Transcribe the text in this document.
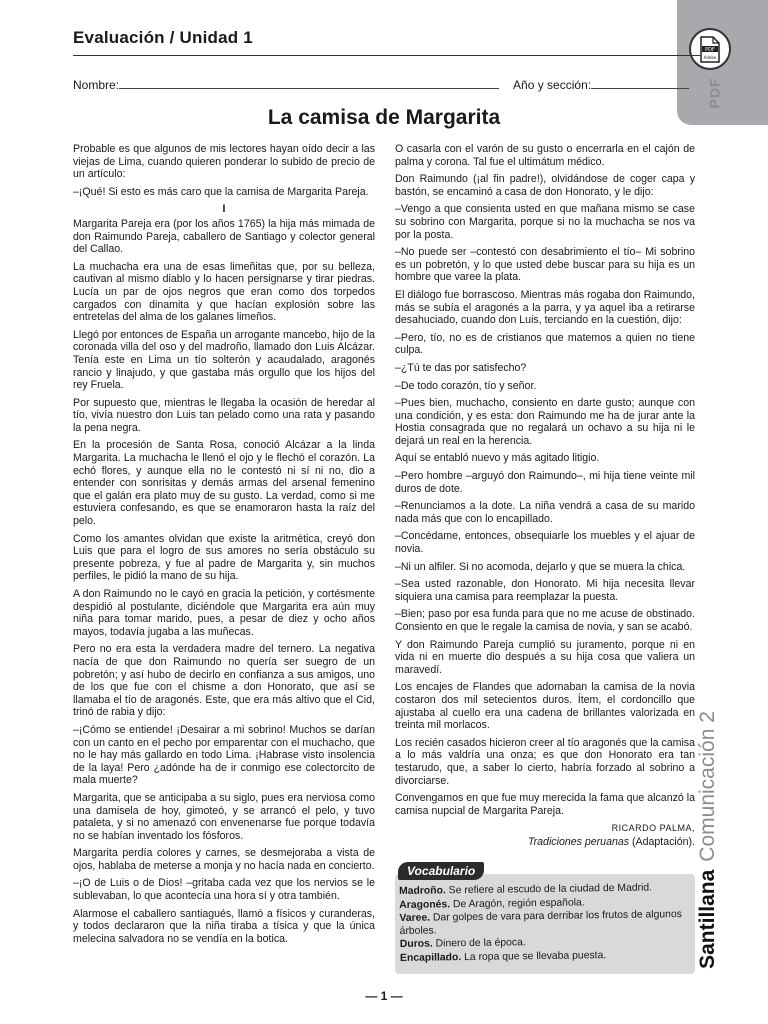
PDF
Adobe
PDF
Evaluación / Unidad 1
Nombre:	Año y sección:
La camisa de Margarita

Probable es que algunos de mis lectores hayan oído decir a las viejas de Lima, cuando quieren ponderar lo subido de precio de un artículo:

–¡Qué! Si esto es más caro que la camisa de Margarita Pareja.

I

Margarita Pareja era (por los años 1765) la hija más mimada de don Raimundo Pareja, caballero de Santiago y colector general del Callao.

La muchacha era una de esas limeñitas que, por su belleza, cautivan al mismo diablo y lo hacen persignarse y tirar piedras. Lucía un par de ojos negros que eran como dos torpedos cargados con dinamita y que hacían explosión sobre las entretelas del alma de los galanes limeños.

Llegó por entonces de España un arrogante mancebo, hijo de la coronada villa del oso y del madroño, llamado don Luis Alcázar. Tenía este en Lima un tío solterón y acaudalado, aragonés rancio y linajudo, y que gastaba más orgullo que los hijos del rey Fruela.

Por supuesto que, mientras le llegaba la ocasión de heredar al tío, vivía nuestro don Luis tan pelado como una rata y pasando la pena negra.

En la procesión de Santa Rosa, conoció Alcázar a la linda Margarita. La muchacha le llenó el ojo y le flechó el corazón. La echó flores, y aunque ella no le contestó ni sí ni no, dio a entender con sonrisitas y demás armas del arsenal femenino que el galán era plato muy de su gusto. La verdad, como si me estuviera confesando, es que se enamoraron hasta la raíz del pelo.

Como los amantes olvidan que existe la aritmética, creyó don Luis que para el logro de sus amores no sería obstáculo su presente pobreza, y fue al padre de Margarita y, sin muchos perfiles, le pidió la mano de su hija.

A don Raimundo no le cayó en gracia la petición, y cortésmente despidió al postulante, diciéndole que Margarita era aún muy niña para tomar marido, pues, a pesar de diez y ocho años mayos, todavía jugaba a las muñecas.

Pero no era esta la verdadera madre del ternero. La negativa nacía de que don Raimundo no quería ser suegro de un pobretón; y así hubo de decirlo en confianza a sus amigos, uno de los que fue con el chisme a don Honorato, que así se llamaba el tío de aragonés. Este, que era más altivo que el Cid, trinó de rabia y dijo:

–¡Cómo se entiende! ¡Desairar a mi sobrino! Muchos se darían con un canto en el pecho por emparentar con el muchacho, que no le hay más gallardo en todo Lima. ¡Habrase visto insolencia de la laya! Pero ¿adónde ha de ir conmigo ese colectorcito de mala muerte?

Margarita, que se anticipaba a su siglo, pues era nerviosa como una damisela de hoy, gimoteó, y se arrancó el pelo, y tuvo pataleta, y si no amenazó con envenenarse fue porque todavía no se habían inventado los fósforos.

Margarita perdía colores y carnes, se desmejoraba a vista de ojos, hablaba de meterse a monja y no hacía nada en concierto.

–¡O de Luis o de Dios! –gritaba cada vez que los nervios se le sublevaban, lo que acontecía una hora sí y otra también.

Alarmose el caballero santiagués, llamó a físicos y curanderas, y todos declararon que la niña tiraba a tísica y que la única melecina salvadora no se vendía en la botica.

O casarla con el varón de su gusto o encerrarla en el cajón de palma y corona. Tal fue el ultimátum médico.

Don Raimundo (¡al fin padre!), olvidándose de coger capa y bastón, se encaminó a casa de don Honorato, y le dijo:

–Vengo a que consienta usted en que mañana mismo se case su sobrino con Margarita, porque si no la muchacha se nos va por la posta.

–No puede ser –contestó con desabrimiento el tío– Mi sobrino es un pobretón, y lo que usted debe buscar para su hija es un hombre que varee la plata.

El diálogo fue borrascoso. Mientras más rogaba don Raimundo, más se subía el aragonés a la parra, y ya aquel iba a retirarse desahuciado, cuando don Luis, terciando en la cuestión, dijo:

–Pero, tío, no es de cristianos que matemos a quien no tiene culpa.

–¿Tú te das por satisfecho?

–De todo corazón, tío y señor.

–Pues bien, muchacho, consiento en darte gusto; aunque con una condición, y es esta: don Raimundo me ha de jurar ante la Hostia consagrada que no regalará un ochavo a su hija ni le dejará un real en la herencia.

Aquí se entabló nuevo y más agitado litigio.

–Pero hombre –arguyó don Raimundo–, mi hija tiene veinte mil duros de dote.

–Renunciamos a la dote. La niña vendrá a casa de su marido nada más que con lo encapillado.

–Concédame, entonces, obsequiarle los muebles y el ajuar de novia.

–Ni un alfiler. Si no acomoda, dejarlo y que se muera la chica.

–Sea usted razonable, don Honorato. Mi hija necesita llevar siquiera una camisa para reemplazar la puesta.

–Bien; paso por esa funda para que no me acuse de obstinado. Consiento en que le regale la camisa de novia, y san se acabó.

Y don Raimundo Pareja cumplió su juramento, porque ni en vida ni en muerte dio después a su hija cosa que valiera un maravedí.

Los encajes de Flandes que adornaban la camisa de la novia costaron dos mil setecientos duros. Ítem, el cordoncillo que ajustaba al cuello era una cadena de brillantes valorizada en treinta mil morlacos.

Los recién casados hicieron creer al tío aragonés que la camisa a lo más valdría una onza; es que don Honorato era tan testarudo, que, a saber lo cierto, habría forzado al sobrino a divorciarse.

Convengamos en que fue muy merecida la fama que alcanzó la camisa nupcial de Margarita Pareja.

RICARDO PALMA,

Tradiciones peruanas (Adaptación).

Vocabulario
Madroño. Se refiere al escudo de la ciudad de Madrid.
Aragonés. De Aragón, región española.
Varee. Dar golpes de vara para derribar los frutos de algunos árboles.
Duros. Dinero de la época.
Encapillado. La ropa que se llevaba puesta.	SantillanaComunicación 2
— 1 —
